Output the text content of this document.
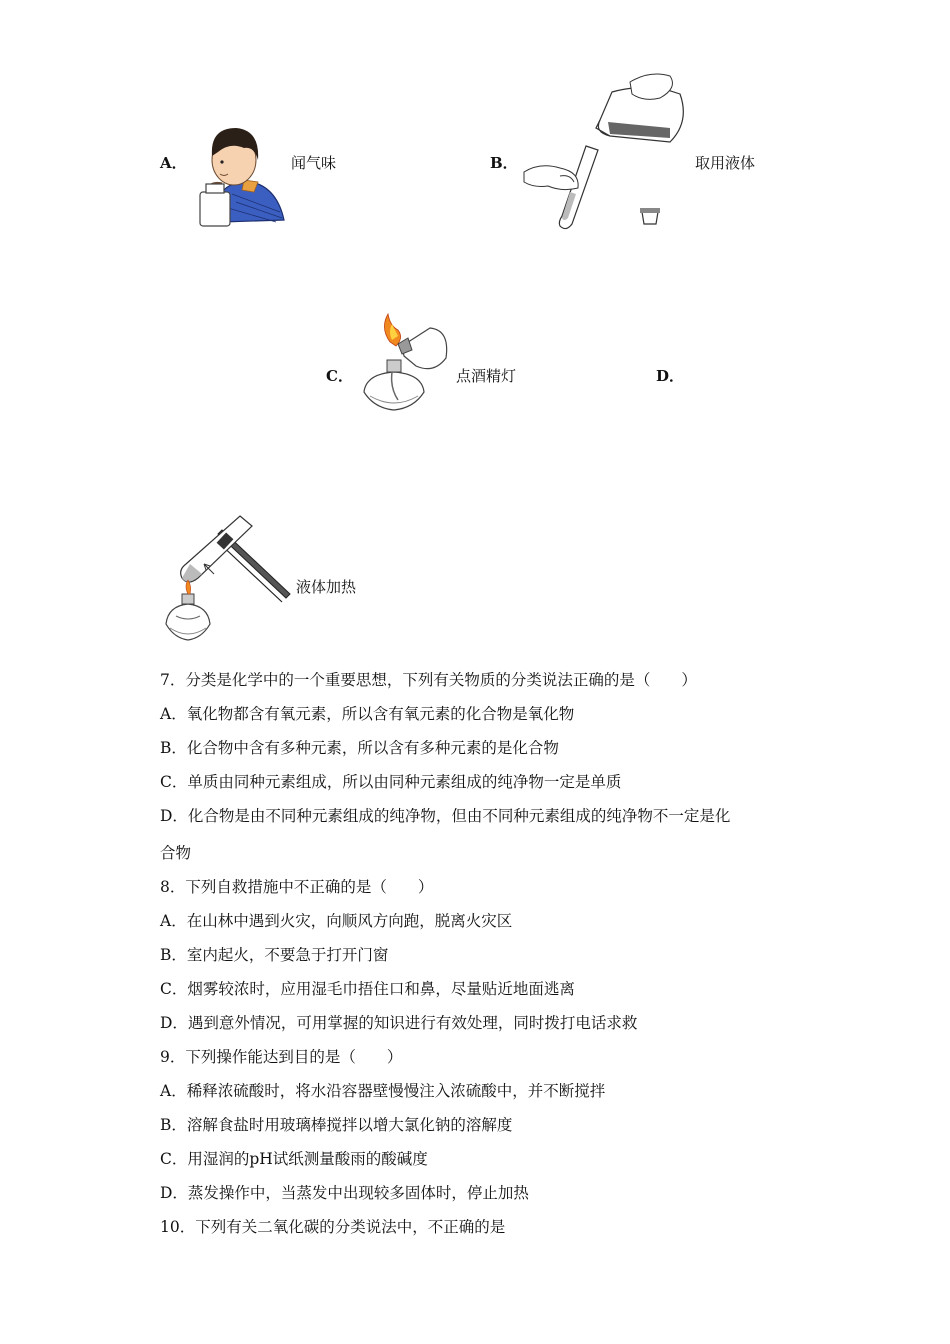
A．	闻气味	B．	取用液体
C．	点酒精灯	D．
液体加热
7．分类是化学中的一个重要思想，下列有关物质的分类说法正确的是（　　）
A．氧化物都含有氧元素，所以含有氧元素的化合物是氧化物
B．化合物中含有多种元素，所以含有多种元素的是化合物
C．单质由同种元素组成，所以由同种元素组成的纯净物一定是单质
D．化合物是由不同种元素组成的纯净物，但由不同种元素组成的纯净物不一定是化
合物
8．下列自救措施中不正确的是（　　）
A．在山林中遇到火灾，向顺风方向跑，脱离火灾区
B．室内起火，不要急于打开门窗
C．烟雾较浓时，应用湿毛巾捂住口和鼻，尽量贴近地面逃离
D．遇到意外情况，可用掌握的知识进行有效处理，同时拨打电话求救
9．下列操作能达到目的是（　　）
A．稀释浓硫酸时，将水沿容器壁慢慢注入浓硫酸中，并不断搅拌
B．溶解食盐时用玻璃棒搅拌以增大氯化钠的溶解度
C．用湿润的pH试纸测量酸雨的酸碱度
D．蒸发操作中，当蒸发中出现较多固体时，停止加热
10．下列有关二氧化碳的分类说法中，不正确的是
